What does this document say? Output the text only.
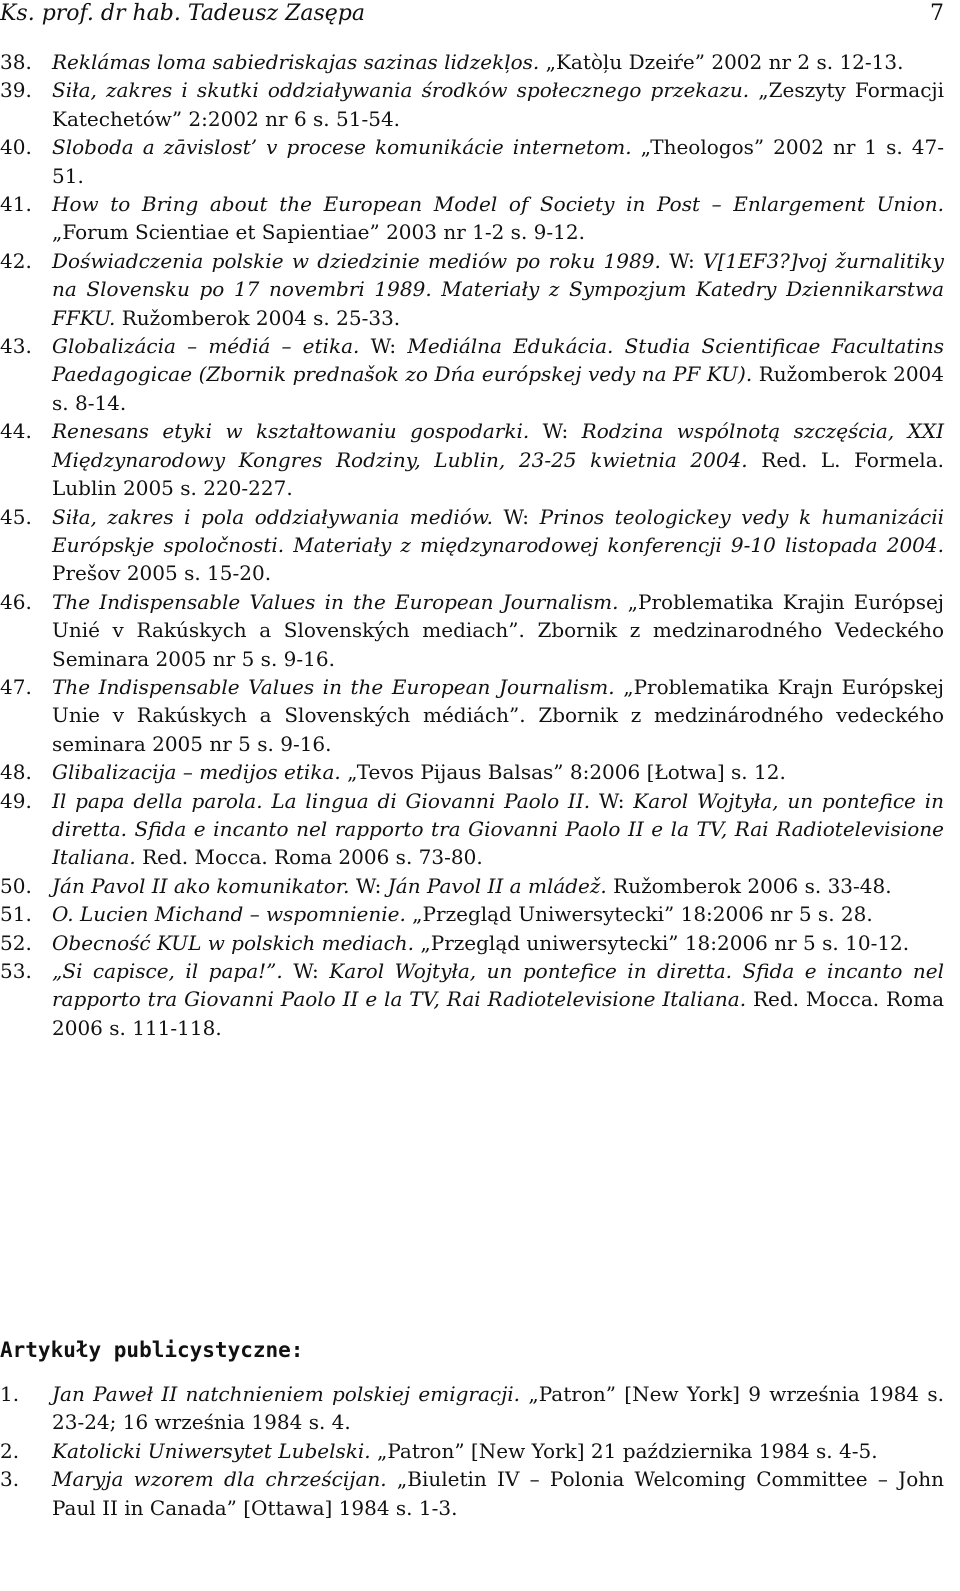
Ks. prof. dr hab. Tadeusz Zasępa	7
38. Reklámas loma sabiedriskajas sazinas lidzekļos. „Katòļu Dzeiŕe” 2002 nr 2 s. 12-13.
39. Siła, zakres i skutki oddziaływania środków społecznego przekazu. „Zeszyty Formacji Katechetów” 2:2002 nr 6 s. 51-54.
40. Sloboda a zāvislost’ v procese komunikácie internetom. „Theologos” 2002 nr 1 s. 47-51.
41. How to Bring about the European Model of Society in Post – Enlargement Union. „Forum Scientiae et Sapientiae” 2003 nr 1-2 s. 9-12.
42. Doświadczenia polskie w dziedzinie mediów po roku 1989. W: V[1EF3?]voj žurnalitiky na Slovensku po 17 novembri 1989. Materiały z Sympozjum Katedry Dziennikarstwa FFKU. Ružomberok 2004 s. 25-33.
43. Globalizácia – médiá – etika. W: Mediálna Edukácia. Studia Scientificae Facultatins Paedagogicae (Zbornik prednašok zo Dńa európskej vedy na PF KU). Ružomberok 2004 s. 8-14.
44. Renesans etyki w kształtowaniu gospodarki. W: Rodzina wspólnotą szczęścia, XXI Międzynarodowy Kongres Rodziny, Lublin, 23-25 kwietnia 2004. Red. L. Formela. Lublin 2005 s. 220-227.
45. Siła, zakres i pola oddziaływania mediów. W: Prinos teologickey vedy k humanizácii Európskje spoločnosti. Materiały z międzynarodowej konferencji 9-10 listopada 2004. Prešov 2005 s. 15-20.
46. The Indispensable Values in the European Journalism. „Problematika Krajin Európsej Unié v Rakúskych a Slovenských mediach”. Zbornik z medzinarodného Vedeckého Seminara 2005 nr 5 s. 9-16.
47. The Indispensable Values in the European Journalism. „Problematika Krajn Európskej Unie v Rakúskych a Slovenských médiách”. Zbornik z medzinárodného vedeckého seminara 2005 nr 5 s. 9-16.
48. Glibalizacija – medijos etika. „Tevos Pijaus Balsas” 8:2006 [Łotwa] s. 12.
49. Il papa della parola. La lingua di Giovanni Paolo II. W: Karol Wojtyła, un pontefice in diretta. Sfida e incanto nel rapporto tra Giovanni Paolo II e la TV, Rai Radiotelevisione Italiana. Red. Mocca. Roma 2006 s. 73-80.
50. Ján Pavol II ako komunikator. W: Ján Pavol II a mládež. Ružomberok 2006 s. 33-48.
51. O. Lucien Michand – wspomnienie. „Przegląd Uniwersytecki” 18:2006 nr 5 s. 28.
52. Obecność KUL w polskich mediach. „Przegląd uniwersytecki” 18:2006 nr 5 s. 10-12.
53. „Si capisce, il papa!”. W: Karol Wojtyła, un pontefice in diretta. Sfida e incanto nel rapporto tra Giovanni Paolo II e la TV, Rai Radiotelevisione Italiana. Red. Mocca. Roma 2006 s. 111-118.
Artykuły publicystyczne:
1. Jan Paweł II natchnieniem polskiej emigracji. „Patron” [New York] 9 września 1984 s. 23-24; 16 września 1984 s. 4.
2. Katolicki Uniwersytet Lubelski. „Patron” [New York] 21 października 1984 s. 4-5.
3. Maryja wzorem dla chrześcijan. „Biuletin IV – Polonia Welcoming Committee – John Paul II in Canada” [Ottawa] 1984 s. 1-3.
